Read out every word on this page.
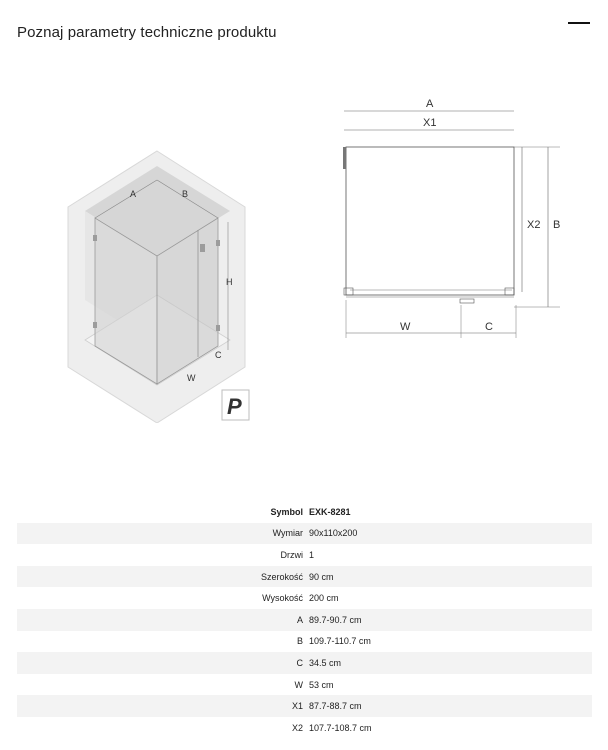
Poznaj parametry techniczne produktu
A	B
H
C
W
P
A
X1
X2 B
W	C
Symbol	EXK-8281
Wymiar	90x110x200
Drzwi	1
Szerokość	90 cm
Wysokość	200 cm
A	89.7-90.7 cm
B	109.7-110.7 cm
C	34.5 cm
W	53 cm
X1	87.7-88.7 cm
X2	107.7-108.7 cm
